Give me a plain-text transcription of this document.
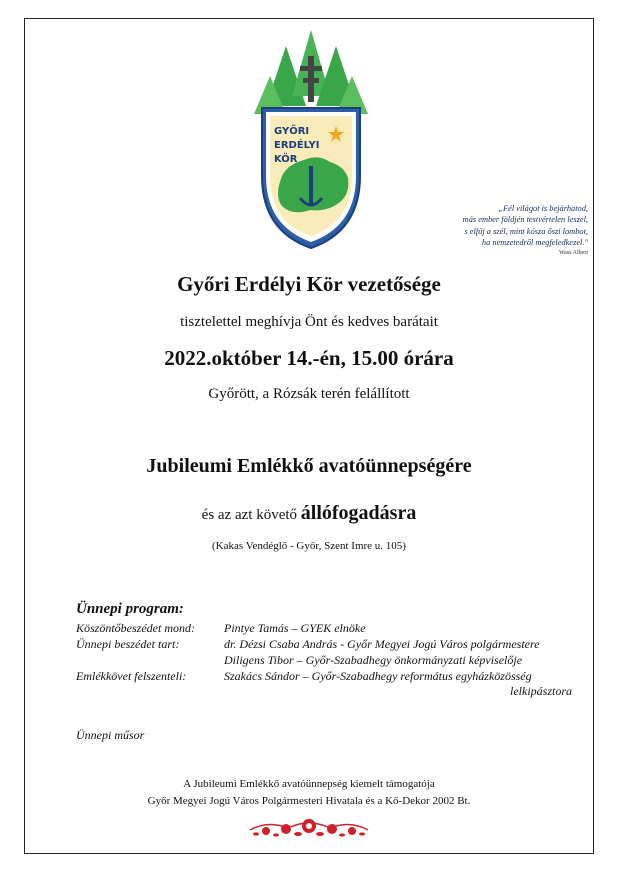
GYŐRI
ERDÉLYI
KÖR
„Fél világot is bejárhatod,
más ember földjén testvértelen leszel,
s elfúj a szél, mint kósza őszi lombot,
ha nemzetedről megfeledkezel."
Wass Albert
Győri Erdélyi Kör vezetősége
tisztelettel meghívja Önt és kedves barátait
2022.október 14.-én, 15.00 órára
Győrött, a Rózsák terén felállított
Jubileumi Emlékkő avatóünnepségére
és az azt követő állófogadásra
(Kakas Vendéglő - Győr, Szent Imre u. 105)
Ünnepi program:
Köszöntőbeszédet mond:	Pintye Tamás – GYEK elnöke
Ünnepi beszédet tart:	dr. Dézsi Csaba András - Győr Megyei Jogú Város polgármestere
Diligens Tibor – Győr-Szabadhegy önkormányzati képviselője
Emlékkövet felszenteli:	Szakács Sándor – Győr-Szabadhegy református egyházközösség
lelkipásztora
Ünnepi műsor
A Jubileumi Emlékkő avatóünnepség kiemelt támogatója
Győr Megyei Jogú Város Polgármesteri Hivatala és a Kő-Dekor 2002 Bt.
